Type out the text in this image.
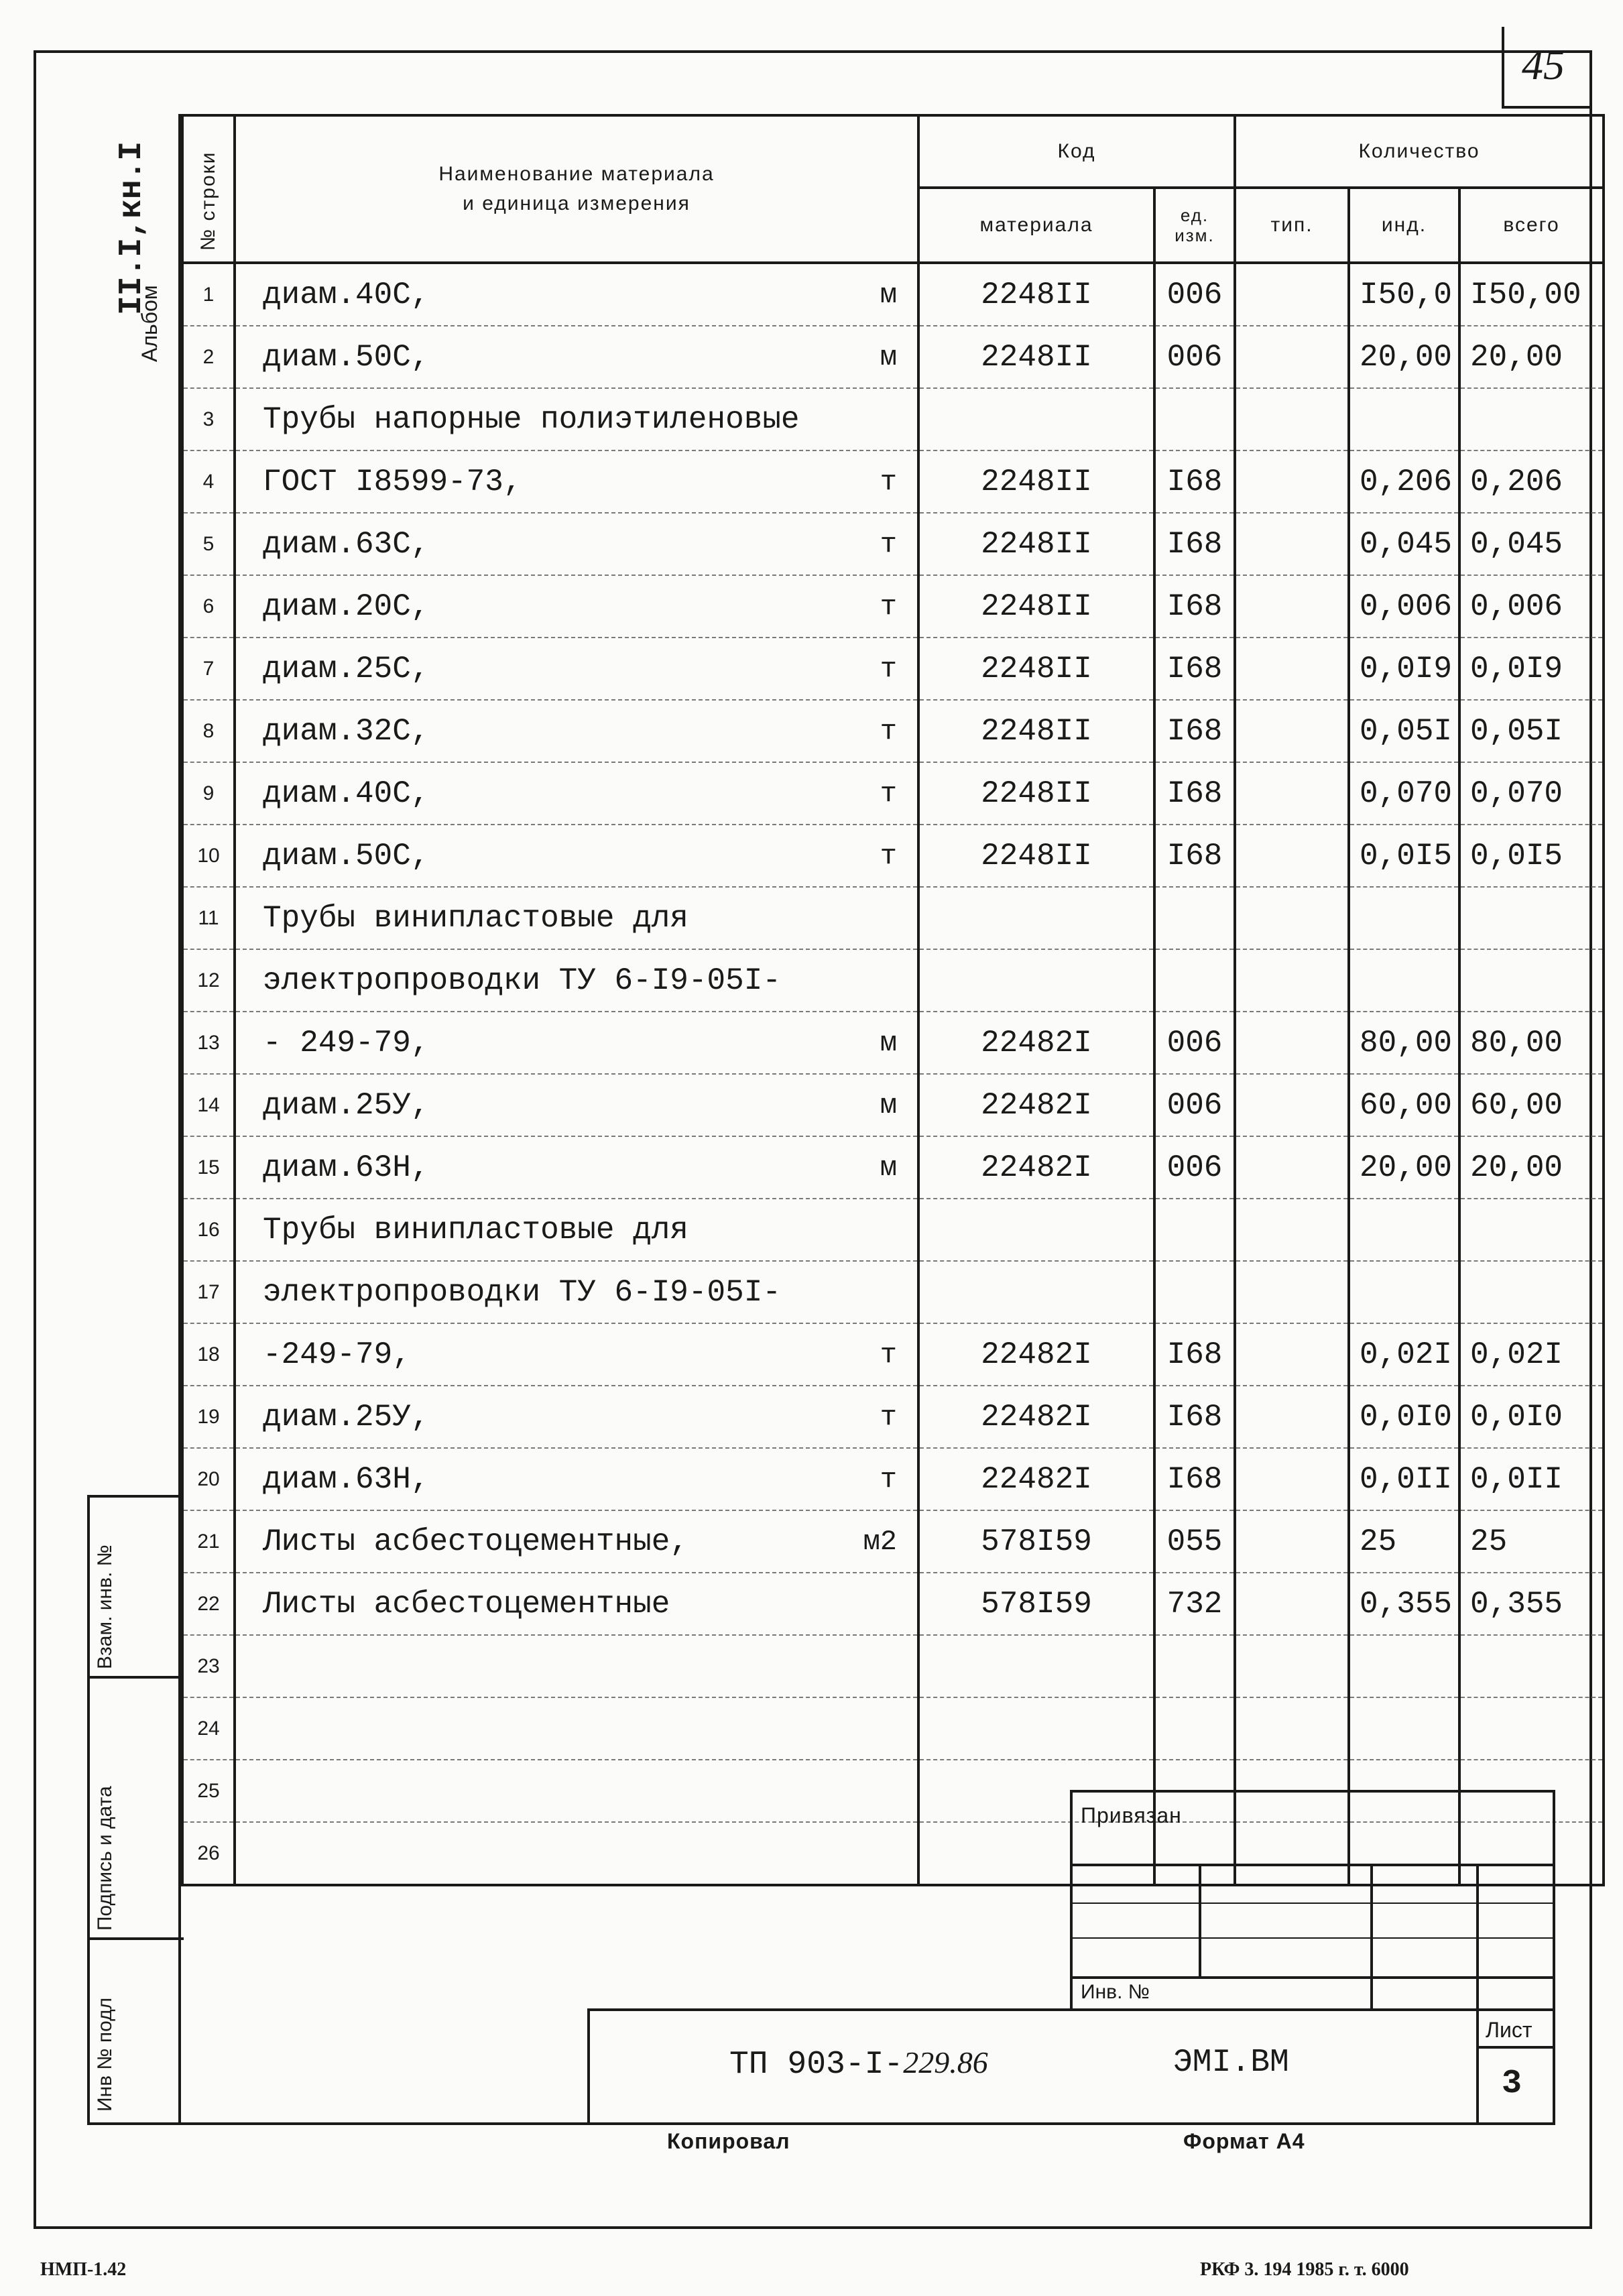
45
Альбом
II.I,кн.I № строки	Наименование материала
и единица измерения	Код		Количество		
		материала	ед.
изм.	тип.	инд.	всего
1	диам.40С, м	2248II	006		I50,0	I50,00
2	диам.50С, м	2248II	006		20,00	20,00
3	Трубы напорные полиэтиленовые

4	ГОСТ I8599-73, т	2248II	I68		0,206	0,206
5	диам.63С, т	2248II	I68		0,045	0,045
6	диам.20С, т	2248II	I68		0,006	0,006
7	диам.25С, т	2248II	I68		0,0I9	0,0I9
8	диам.32С, т	2248II	I68		0,05I	0,05I
9	диам.40С, т	2248II	I68		0,070	0,070
10	диам.50С, т	2248II	I68		0,0I5	0,0I5
11	Трубы винипластовые для

12	электропроводки ТУ 6-I9-05I-

13	- 249-79, м	22482I	006		80,00	80,00
14	диам.25У, м	22482I	006		60,00	60,00
15	диам.63Н, м	22482I	006		20,00	20,00
16	Трубы винипластовые для

17	электропроводки ТУ 6-I9-05I-

18	-249-79, т	22482I	I68		0,02I	0,02I
19	диам.25У, т	22482I	I68		0,0I0	0,0I0
20	диам.63Н, т	22482I	I68		0,0II	0,0II
21	Листы асбестоцементные, м2	578I59	055		25	25
22	Листы асбестоцементные	578I59	732		0,355	0,355
23	

24	

25	

26	

Взам. инв. №
Подпись и дата
Инв № подл
Привязан
Инв. №
ТП 903-I-229.86	ЭМI.ВМ
Лист
3
Копировал	Формат А4
НМП-1.42	РКФ 3. 194 1985 г. т. 6000
